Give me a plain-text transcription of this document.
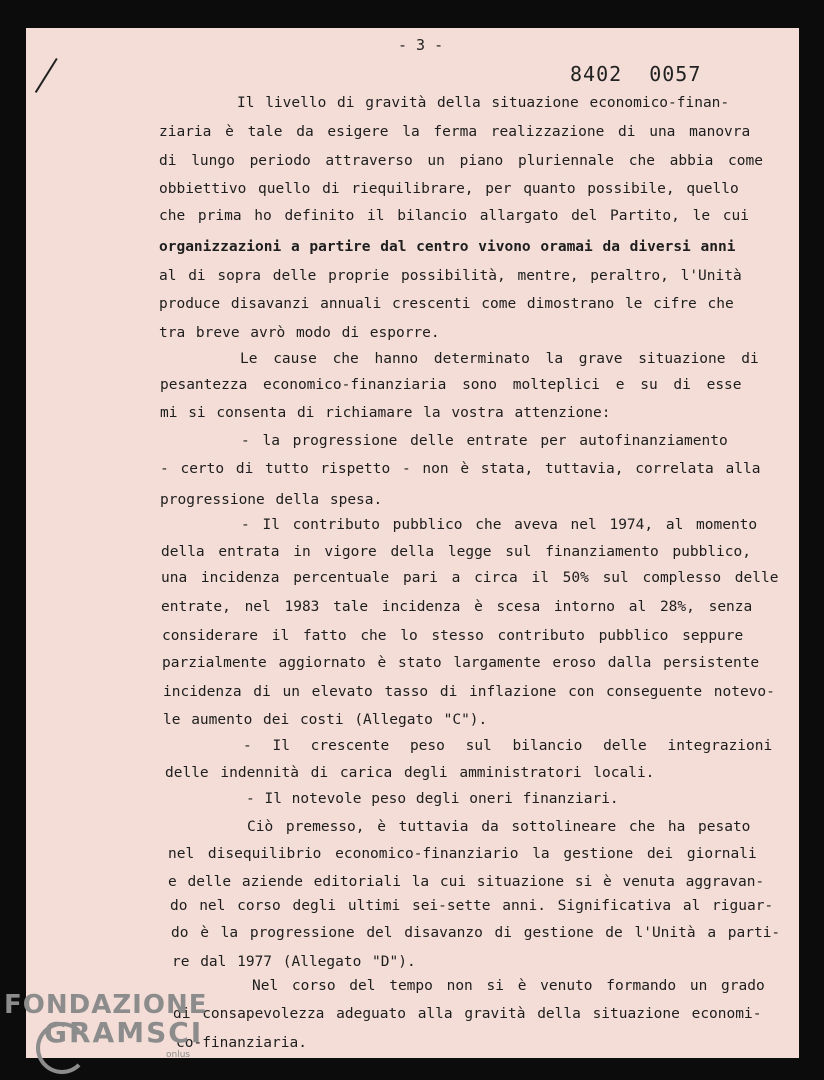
- 3 -
8402 0057
Il livello di gravità della situazione economico-finan-
ziaria è tale da esigere la ferma realizzazione di una manovra
di lungo periodo attraverso un piano pluriennale che abbia come
obbiettivo quello di riequilibrare, per quanto possibile, quello
che prima ho definito il bilancio allargato del Partito, le cui
organizzazioni a partire dal centro vivono oramai da diversi anni
al di sopra delle proprie possibilità, mentre, peraltro, l'Unità
produce disavanzi annuali crescenti come dimostrano le cifre che
tra breve avrò modo di esporre.
Le cause che hanno determinato la grave situazione di
pesantezza economico-finanziaria sono molteplici e su di esse
mi si consenta di richiamare la vostra attenzione:
- la progressione delle entrate per autofinanziamento
- certo di tutto rispetto - non è stata, tuttavia, correlata alla
progressione della spesa.
- Il contributo pubblico che aveva nel 1974, al momento
della entrata in vigore della legge sul finanziamento pubblico,
una incidenza percentuale pari a circa il 50% sul complesso delle
entrate, nel 1983 tale incidenza è scesa intorno al 28%, senza
considerare il fatto che lo stesso contributo pubblico seppure
parzialmente aggiornato è stato largamente eroso dalla persistente
incidenza di un elevato tasso di inflazione con conseguente notevo-
le aumento dei costi (Allegato "C").
- Il crescente peso sul bilancio delle integrazioni
delle indennità di carica degli amministratori locali.
- Il notevole peso degli oneri finanziari.
Ciò premesso, è tuttavia da sottolineare che ha pesato
nel disequilibrio economico-finanziario la gestione dei giornali
e delle aziende editoriali la cui situazione si è venuta aggravan-
do nel corso degli ultimi sei-sette anni. Significativa al riguar-
do è la progressione del disavanzo di gestione de l'Unità a parti-
re dal 1977 (Allegato "D").
Nel corso del tempo non si è venuto formando un grado
di consapevolezza adeguato alla gravità della situazione economi-
co-finanziaria.
FONDAZIONE
GRAMSCI
onlus
